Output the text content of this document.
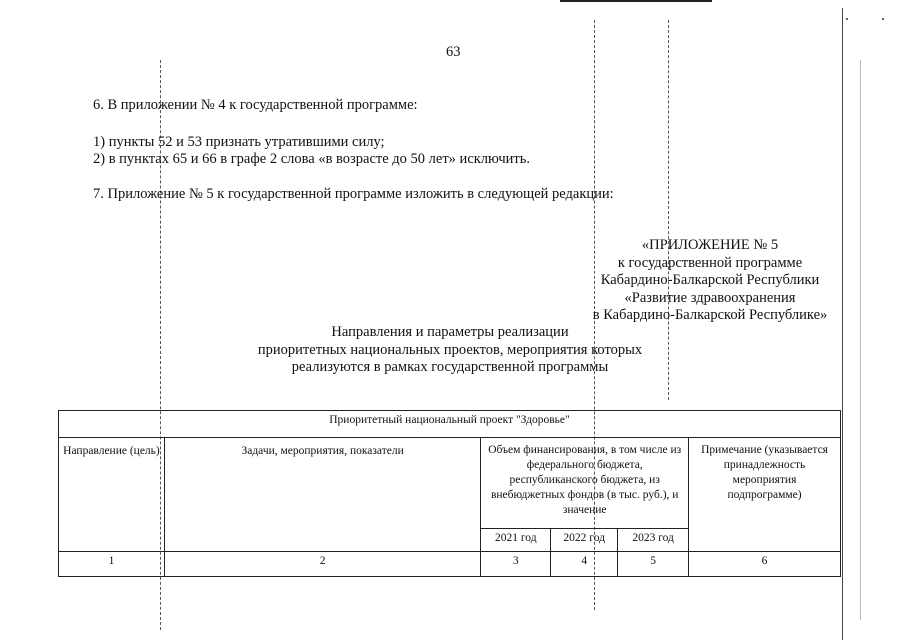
63
6. В приложении № 4 к государственной программе:
1) пункты 52 и 53 признать утратившими силу;
2) в пунктах 65 и 66 в графе 2 слова «в возрасте до 50 лет» исключить.
7. Приложение № 5 к государственной программе изложить в следующей редакции:
«ПРИЛОЖЕНИЕ № 5
к государственной программе
Кабардино-Балкарской Республики
«Развитие здравоохранения
в Кабардино-Балкарской Республике»
Направления и параметры реализации
приоритетных национальных проектов, мероприятия которых
реализуются в рамках государственной программы
Приоритетный национальный проект "Здоровье"					
Направление (цель)	Задачи, мероприятия, показатели	Объем финансирования, в том числе из федерального бюджета, республиканского бюджета, из внебюджетных фондов (в тыс. руб.), и значение			Примечание (указывается принадлежность мероприятия подпрограмме)
		2021 год	2022 год	2023 год	
1	2	3	4	5	6
